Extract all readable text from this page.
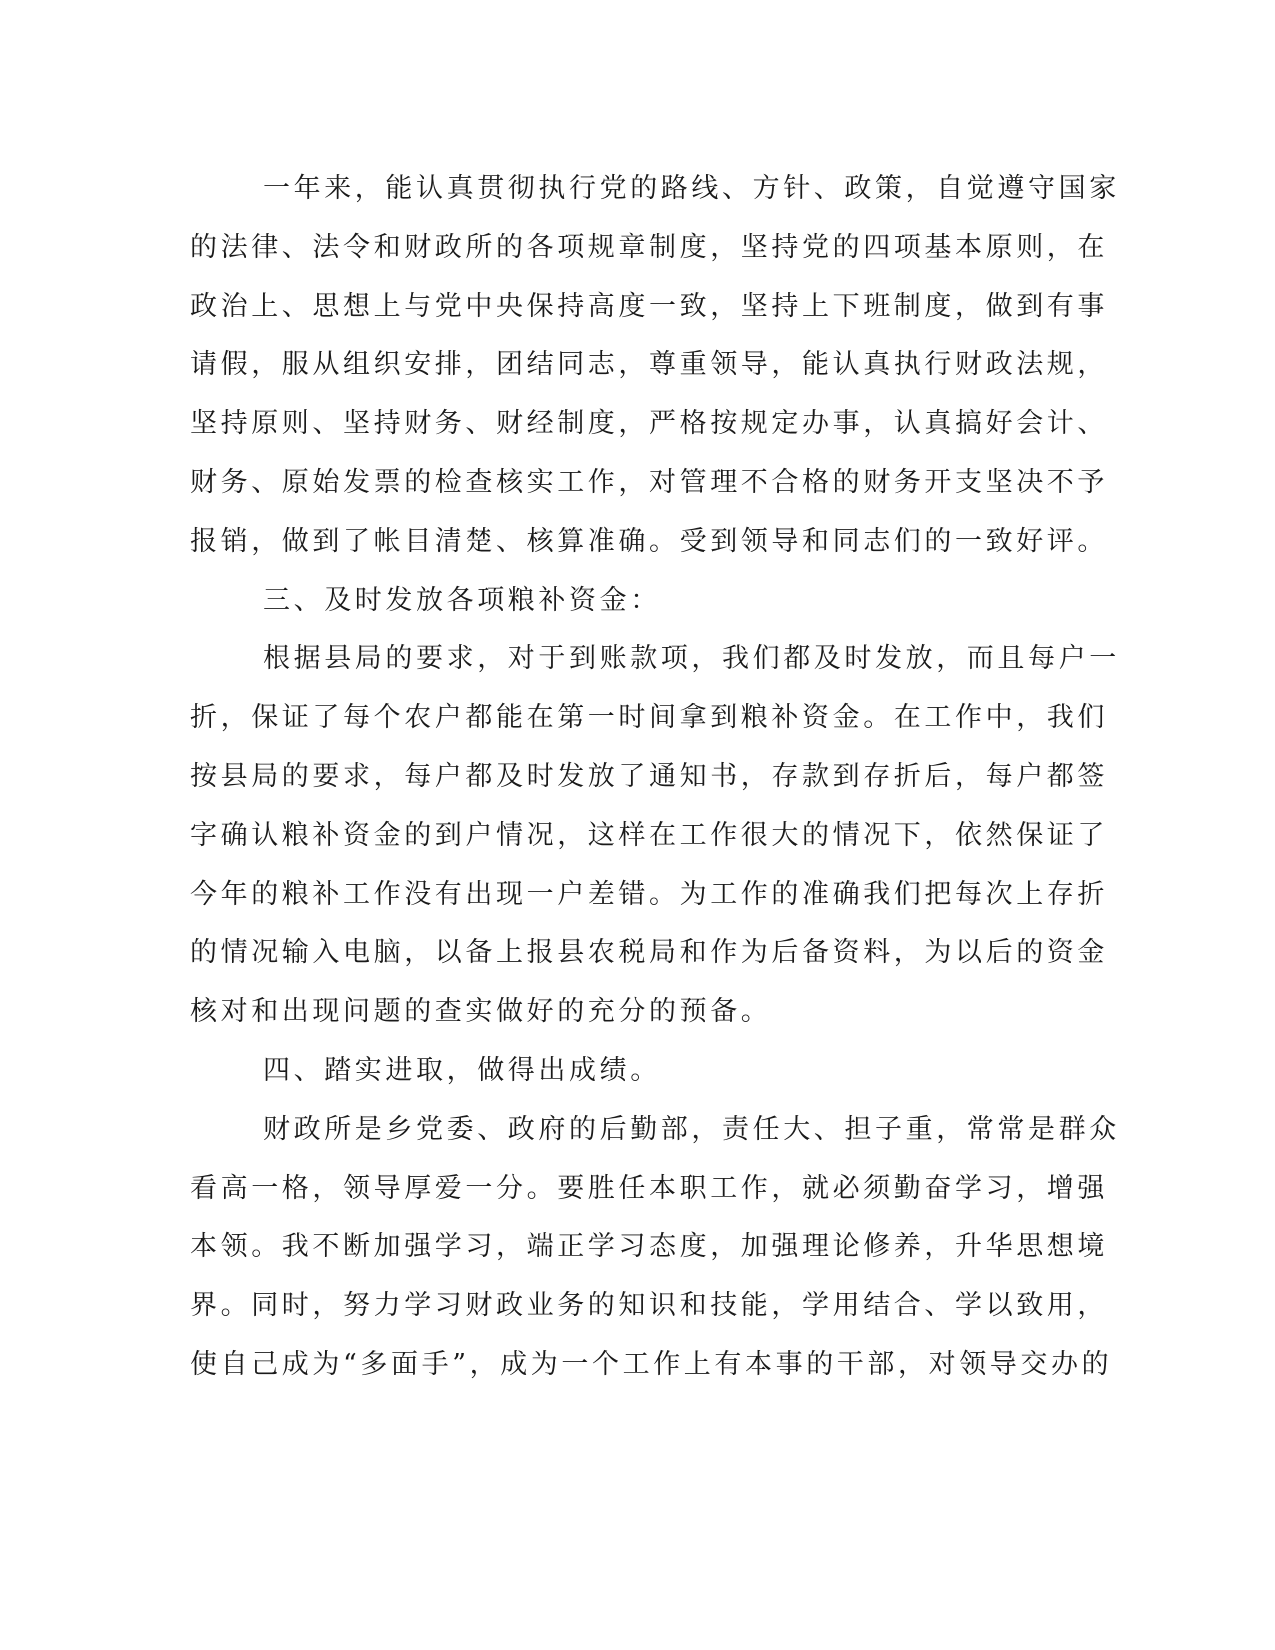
一年来，能认真贯彻执行党的路线、方针、政策，自觉遵守国家
的法律、法令和财政所的各项规章制度，坚持党的四项基本原则，在
政治上、思想上与党中央保持高度一致，坚持上下班制度，做到有事
请假，服从组织安排，团结同志，尊重领导，能认真执行财政法规，
坚持原则、坚持财务、财经制度，严格按规定办事，认真搞好会计、
财务、原始发票的检查核实工作，对管理不合格的财务开支坚决不予
报销，做到了帐目清楚、核算准确。受到领导和同志们的一致好评。
三、及时发放各项粮补资金：
根据县局的要求，对于到账款项，我们都及时发放，而且每户一
折，保证了每个农户都能在第一时间拿到粮补资金。在工作中，我们
按县局的要求，每户都及时发放了通知书，存款到存折后，每户都签
字确认粮补资金的到户情况，这样在工作很大的情况下，依然保证了
今年的粮补工作没有出现一户差错。为工作的准确我们把每次上存折
的情况输入电脑，以备上报县农税局和作为后备资料，为以后的资金
核对和出现问题的查实做好的充分的预备。
四、踏实进取，做得出成绩。
财政所是乡党委、政府的后勤部，责任大、担子重，常常是群众
看高一格，领导厚爱一分。要胜任本职工作，就必须勤奋学习，增强
本领。我不断加强学习，端正学习态度，加强理论修养，升华思想境
界。同时，努力学习财政业务的知识和技能，学用结合、学以致用，
使自己成为“多面手”，成为一个工作上有本事的干部，对领导交办的
